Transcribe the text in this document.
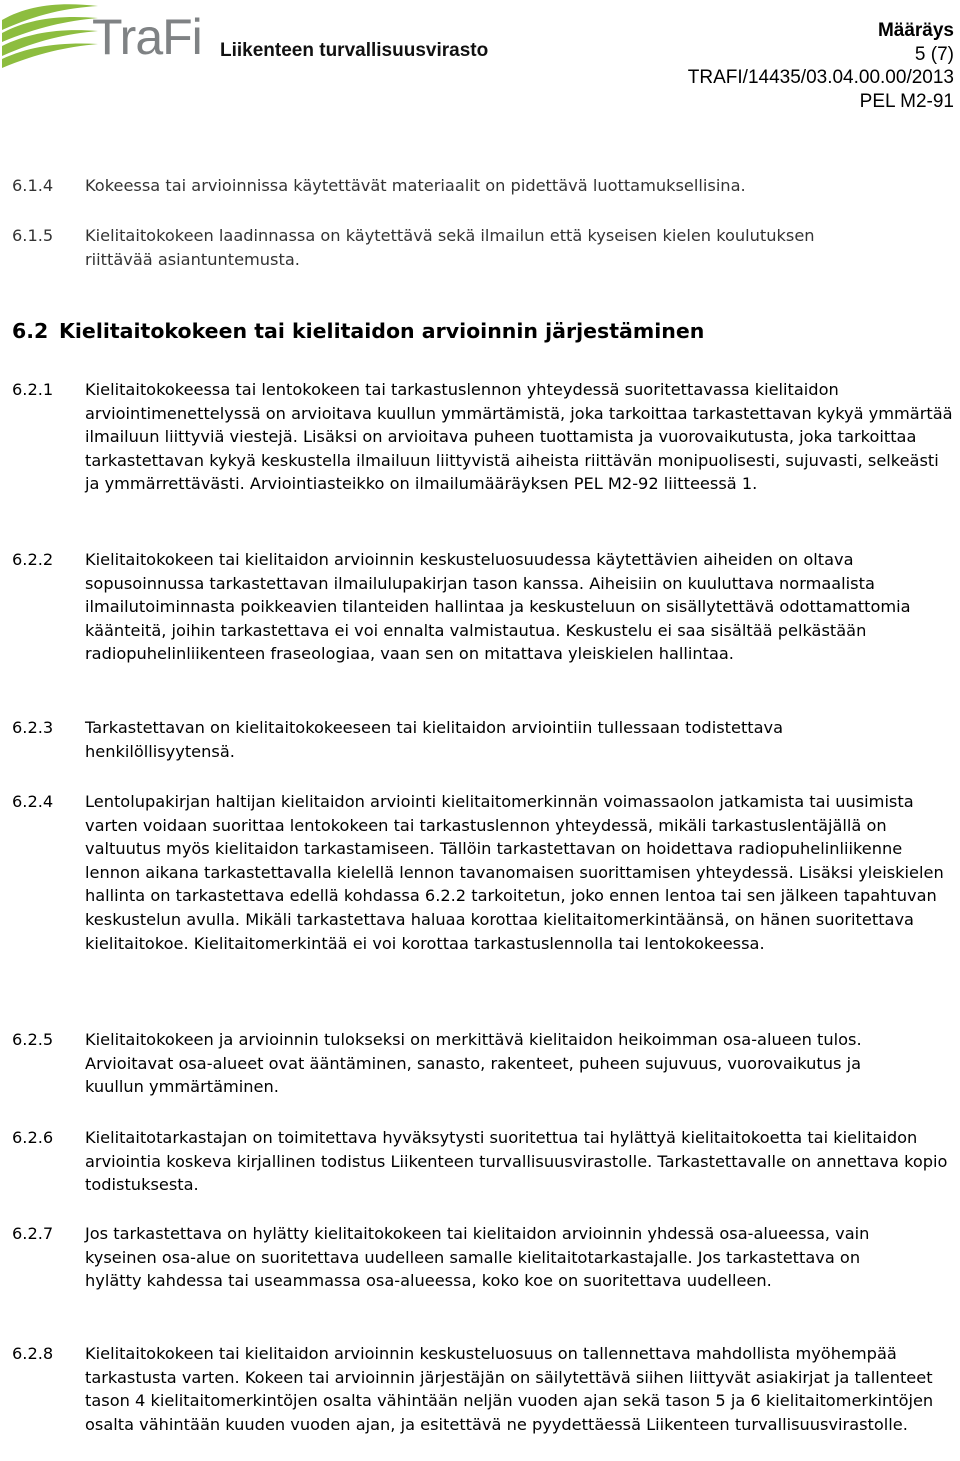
TraFi Liikenteen turvallisuusvirasto
Määräys
5 (7)
TRAFI/14435/03.04.00.00/2013
PEL M2-91
6.1.4	Kokeessa tai arvioinnissa käytettävät materiaalit on pidettävä luottamuksellisina.
6.1.5	Kielitaitokokeen laadinnassa on käytettävä sekä ilmailun että kyseisen kielen koulutuksen riittävää asiantuntemusta.
6.2 Kielitaitokokeen tai kielitaidon arvioinnin järjestäminen
6.2.1	Kielitaitokokeessa tai lentokokeen tai tarkastuslennon yhteydessä suoritettavassa kielitaidon arviointimenettelyssä on arvioitava kuullun ymmärtämistä, joka tarkoittaa tarkastettavan kykyä ymmärtää ilmailuun liittyviä viestejä. Lisäksi on arvioitava puheen tuottamista ja vuorovaikutusta, joka tarkoittaa tarkastettavan kykyä keskustella ilmailuun liittyvistä aiheista riittävän monipuolisesti, sujuvasti, selkeästi ja ymmärrettävästi. Arviointiasteikko on ilmailumääräyksen PEL M2-92 liitteessä 1.
6.2.2	Kielitaitokokeen tai kielitaidon arvioinnin keskusteluosuudessa käytettävien aiheiden on oltava sopusoinnussa tarkastettavan ilmailulupakirjan tason kanssa. Aiheisiin on kuuluttava normaalista ilmailutoiminnasta poikkeavien tilanteiden hallintaa ja keskusteluun on sisällytettävä odottamattomia käänteitä, joihin tarkastettava ei voi ennalta valmistautua. Keskustelu ei saa sisältää pelkästään radiopuhelinliikenteen fraseologiaa, vaan sen on mitattava yleiskielen hallintaa.
6.2.3	Tarkastettavan on kielitaitokokeeseen tai kielitaidon arviointiin tullessaan todistettava henkilöllisyytensä.
6.2.4	Lentolupakirjan haltijan kielitaidon arviointi kielitaitomerkinnän voimassaolon jatkamista tai uusimista varten voidaan suorittaa lentokokeen tai tarkastuslennon yhteydessä, mikäli tarkastuslentäjällä on valtuutus myös kielitaidon tarkastamiseen. Tällöin tarkastettavan on hoidettava radiopuhelinliikenne lennon aikana tarkastettavalla kielellä lennon tavanomaisen suorittamisen yhteydessä. Lisäksi yleiskielen hallinta on tarkastettava edellä kohdassa 6.2.2 tarkoitetun, joko ennen lentoa tai sen jälkeen tapahtuvan keskustelun avulla. Mikäli tarkastettava haluaa korottaa kielitaitomerkintäänsä, on hänen suoritettava kielitaitokoe. Kielitaitomerkintää ei voi korottaa tarkastuslennolla tai lentokokeessa.
6.2.5	Kielitaitokokeen ja arvioinnin tulokseksi on merkittävä kielitaidon heikoimman osa-alueen tulos. Arvioitavat osa-alueet ovat ääntäminen, sanasto, rakenteet, puheen sujuvuus, vuorovaikutus ja kuullun ymmärtäminen.
6.2.6	Kielitaitotarkastajan on toimitettava hyväksytysti suoritettua tai hylättyä kielitaitokoetta tai kielitaidon arviointia koskeva kirjallinen todistus Liikenteen turvallisuusvirastolle. Tarkastettavalle on annettava kopio todistuksesta.
6.2.7	Jos tarkastettava on hylätty kielitaitokokeen tai kielitaidon arvioinnin yhdessä osa-alueessa, vain kyseinen osa-alue on suoritettava uudelleen samalle kielitaitotarkastajalle. Jos tarkastettava on hylätty kahdessa tai useammassa osa-alueessa, koko koe on suoritettava uudelleen.
6.2.8	Kielitaitokokeen tai kielitaidon arvioinnin keskusteluosuus on tallennettava mahdollista myöhempää tarkastusta varten. Kokeen tai arvioinnin järjestäjän on säilytettävä siihen liittyvät asiakirjat ja tallenteet tason 4 kielitaitomerkintöjen osalta vähintään neljän vuoden ajan sekä tason 5 ja 6 kielitaitomerkintöjen osalta vähintään kuuden vuoden ajan, ja esitettävä ne pyydettäessä Liikenteen turvallisuusvirastolle.
